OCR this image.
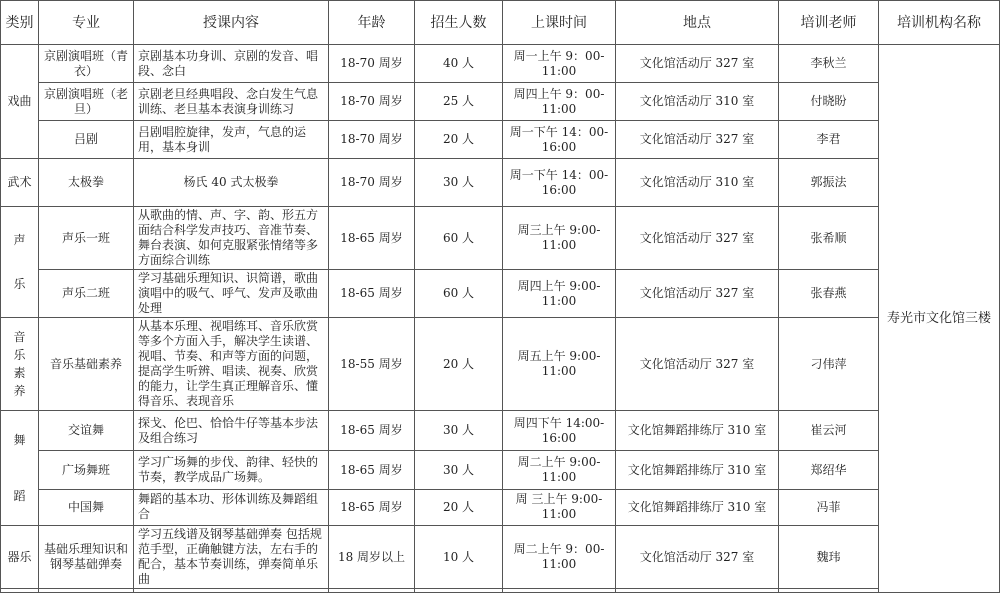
类别	专业	授课内容	年龄	招生人数	上课时间	地点	培训老师	培训机构名称
戏曲	京剧演唱班（青衣）	京剧基本功身训、京剧的发音、唱段、念白	18-70 周岁	40 人	周一上午 9：00-11:00	文化馆活动厅 327 室	李秋兰	寿光市文化馆三楼
	京剧演唱班（老旦）	京剧老旦经典唱段、念白发生气息训练、老旦基本表演身训练习	18-70 周岁	25 人	周四上午 9：00-11:00	文化馆活动厅 310 室	付晓盼	
	吕剧	吕剧唱腔旋律，发声，气息的运用，基本身训	18-70 周岁	20 人	周一下午 14：00-16:00	文化馆活动厅 327 室	李君	
武术	太极拳	杨氏 40 式太极拳	18-70 周岁	30 人	周一下午 14：00-16:00	文化馆活动厅 310 室	郭振法	
声乐	声乐一班	从歌曲的情、声、字、韵、形五方面结合科学发声技巧、音准节奏、舞台表演、如何克服紧张情绪等多方面综合训练	18-65 周岁	60 人	周三上午 9:00-11:00	文化馆活动厅 327 室	张希顺	
	声乐二班	学习基础乐理知识、识简谱，歌曲演唱中的吸气、呼气、发声及歌曲处理	18-65 周岁	60 人	周四上午 9:00-11:00	文化馆活动厅 327 室	张春燕	
音乐素养	音乐基础素养	从基本乐理、视唱练耳、音乐欣赏等多个方面入手，解决学生读谱、视唱、节奏、和声等方面的问题，提高学生听辨、唱读、视奏、欣赏的能力，让学生真正理解音乐、懂得音乐、表现音乐	18-55 周岁	20 人	周五上午 9:00-11:00	文化馆活动厅 327 室	刁伟萍	
舞蹈	交谊舞	探戈、伦巴、恰恰牛仔等基本步法及组合练习	18-65 周岁	30 人	周四下午 14:00-16:00	文化馆舞蹈排练厅 310 室	崔云河	
	广场舞班	学习广场舞的步伐、韵律、轻快的节奏，教学成品广场舞。	18-65 周岁	30 人	周二上午 9:00-11:00	文化馆舞蹈排练厅 310 室	郑绍华	
	中国舞	舞蹈的基本功、形体训练及舞蹈组合	18-65 周岁	20 人	周 三上午 9:00-11:00	文化馆舞蹈排练厅 310 室	冯菲	
器乐	基础乐理知识和钢琴基础弹奏	学习五线谱及钢琴基础弹奏 包括规范手型，正确触键方法，左右手的配合，基本节奏训练，弹奏简单乐曲	18 周岁以上	10 人	周二上午 9：00-11:00	文化馆活动厅 327 室	魏玮	
